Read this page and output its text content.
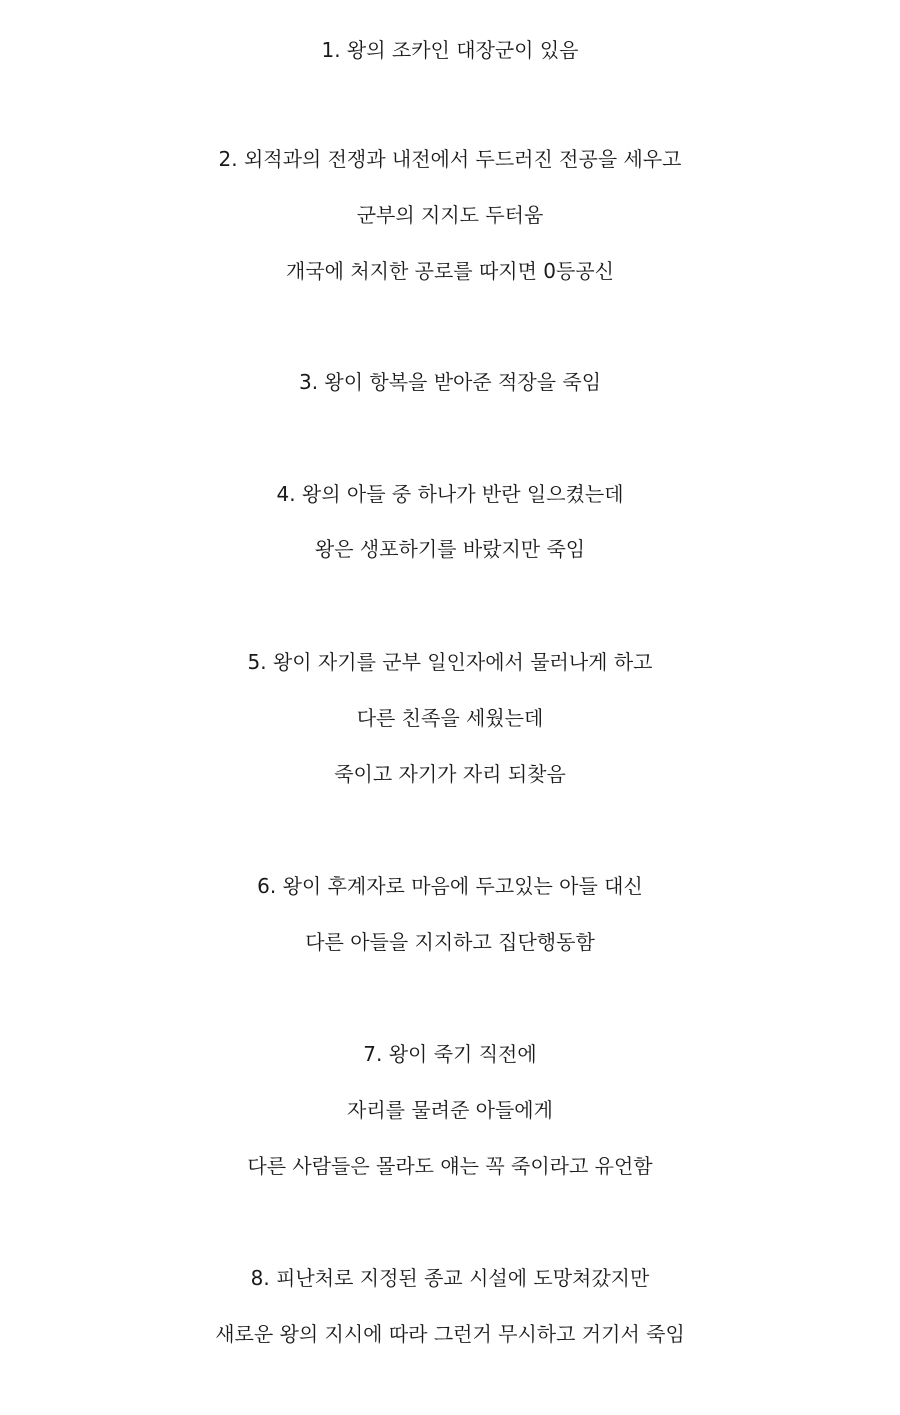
1. 왕의 조카인 대장군이 있음
2. 외적과의 전쟁과 내전에서 두드러진 전공을 세우고
군부의 지지도 두터움
개국에 처지한 공로를 따지면 0등공신
3. 왕이 항복을 받아준 적장을 죽임
4. 왕의 아들 중 하나가 반란 일으켰는데
왕은 생포하기를 바랐지만 죽임
5. 왕이 자기를 군부 일인자에서 물러나게 하고
다른 친족을 세웠는데
죽이고 자기가 자리 되찾음
6. 왕이 후계자로 마음에 두고있는 아들 대신
다른 아들을 지지하고 집단행동함
7. 왕이 죽기 직전에
자리를 물려준 아들에게
다른 사람들은 몰라도 얘는 꼭 죽이라고 유언함
8. 피난처로 지정된 종교 시설에 도망쳐갔지만
새로운 왕의 지시에 따라 그런거 무시하고 거기서 죽임
